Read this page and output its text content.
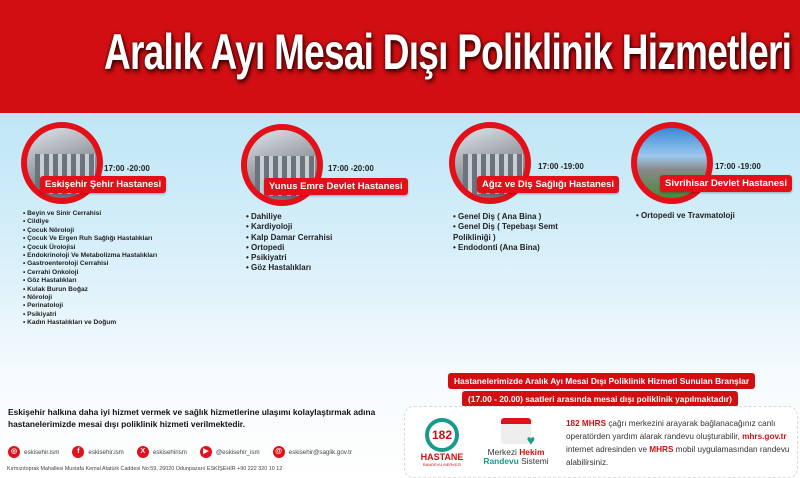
Aralık Ayı Mesai Dışı Poliklinik Hizmetleri
17:00 -20:00
Eskişehir Şehir Hastanesi
• Beyin ve Sinir Cerrahisi
• Cildiye
• Çocuk Nöroloji
• Çocuk Ve Ergen Ruh Sağlığı Hastalıkları
• Çocuk Ürolojisi
• Endokrinoloji Ve Metabolizma Hastalıkları
• Gastroenteroloji Cerrahisi
• Cerrahi Onkoloji
• Göz Hastalıkları
• Kulak Burun Boğaz
• Nöroloji
• Perinatoloji
• Psikiyatri
• Kadın Hastalıkları ve Doğum
17:00 -20:00
Yunus Emre Devlet Hastanesi
• Dahiliye
• Kardiyoloji
• Kalp Damar Cerrahisi
• Ortopedi
• Psikiyatri
• Göz Hastalıkları
17:00 -19:00
Ağız ve Diş Sağlığı Hastanesi
• Genel Diş ( Ana Bina )
• Genel Diş ( Tepebaşı Semt Polikliniği )
• Endodonti (Ana Bina)
17:00 -19:00
Sivrihisar Devlet Hastanesi
• Ortopedi ve Travmatoloji
Hastanelerimizde Aralık Ayı Mesai Dışı Poliklinik Hizmeti Sunulan Branşlar
(17.00 - 20.00) saatleri arasında mesai dışı poliklinik yapılmaktadır)
Eskişehir halkına daha iyi hizmet vermek ve sağlık hizmetlerine ulaşımı kolaylaştırmak adına hastanelerimizde mesai dışı poliklinik hizmeti verilmektedir.
◎	eskisehir.ism	f	eskisehir.ism	X	eskisehirism	▶	@eskisehir_ism	@	eskisehir@saglik.gov.tr
Kırmızıtoprak Mahallesi Mustafa Kemal Atatürk Caddesi No:59, 26020 Odunpazarı/ ESKİŞEHİR +90 222 320 10 12
182
HASTANE
RANDEVU MERKEZİ
♥
Merkezi Hekim
Randevu Sistemi
182 MHRS çağrı merkezini arayarak bağlanacağınız canlı operatörden yardım alarak randevu oluşturabilir, mhrs.gov.tr internet adresinden ve MHRS mobil uygulamasından randevu alabilirsiniz.
